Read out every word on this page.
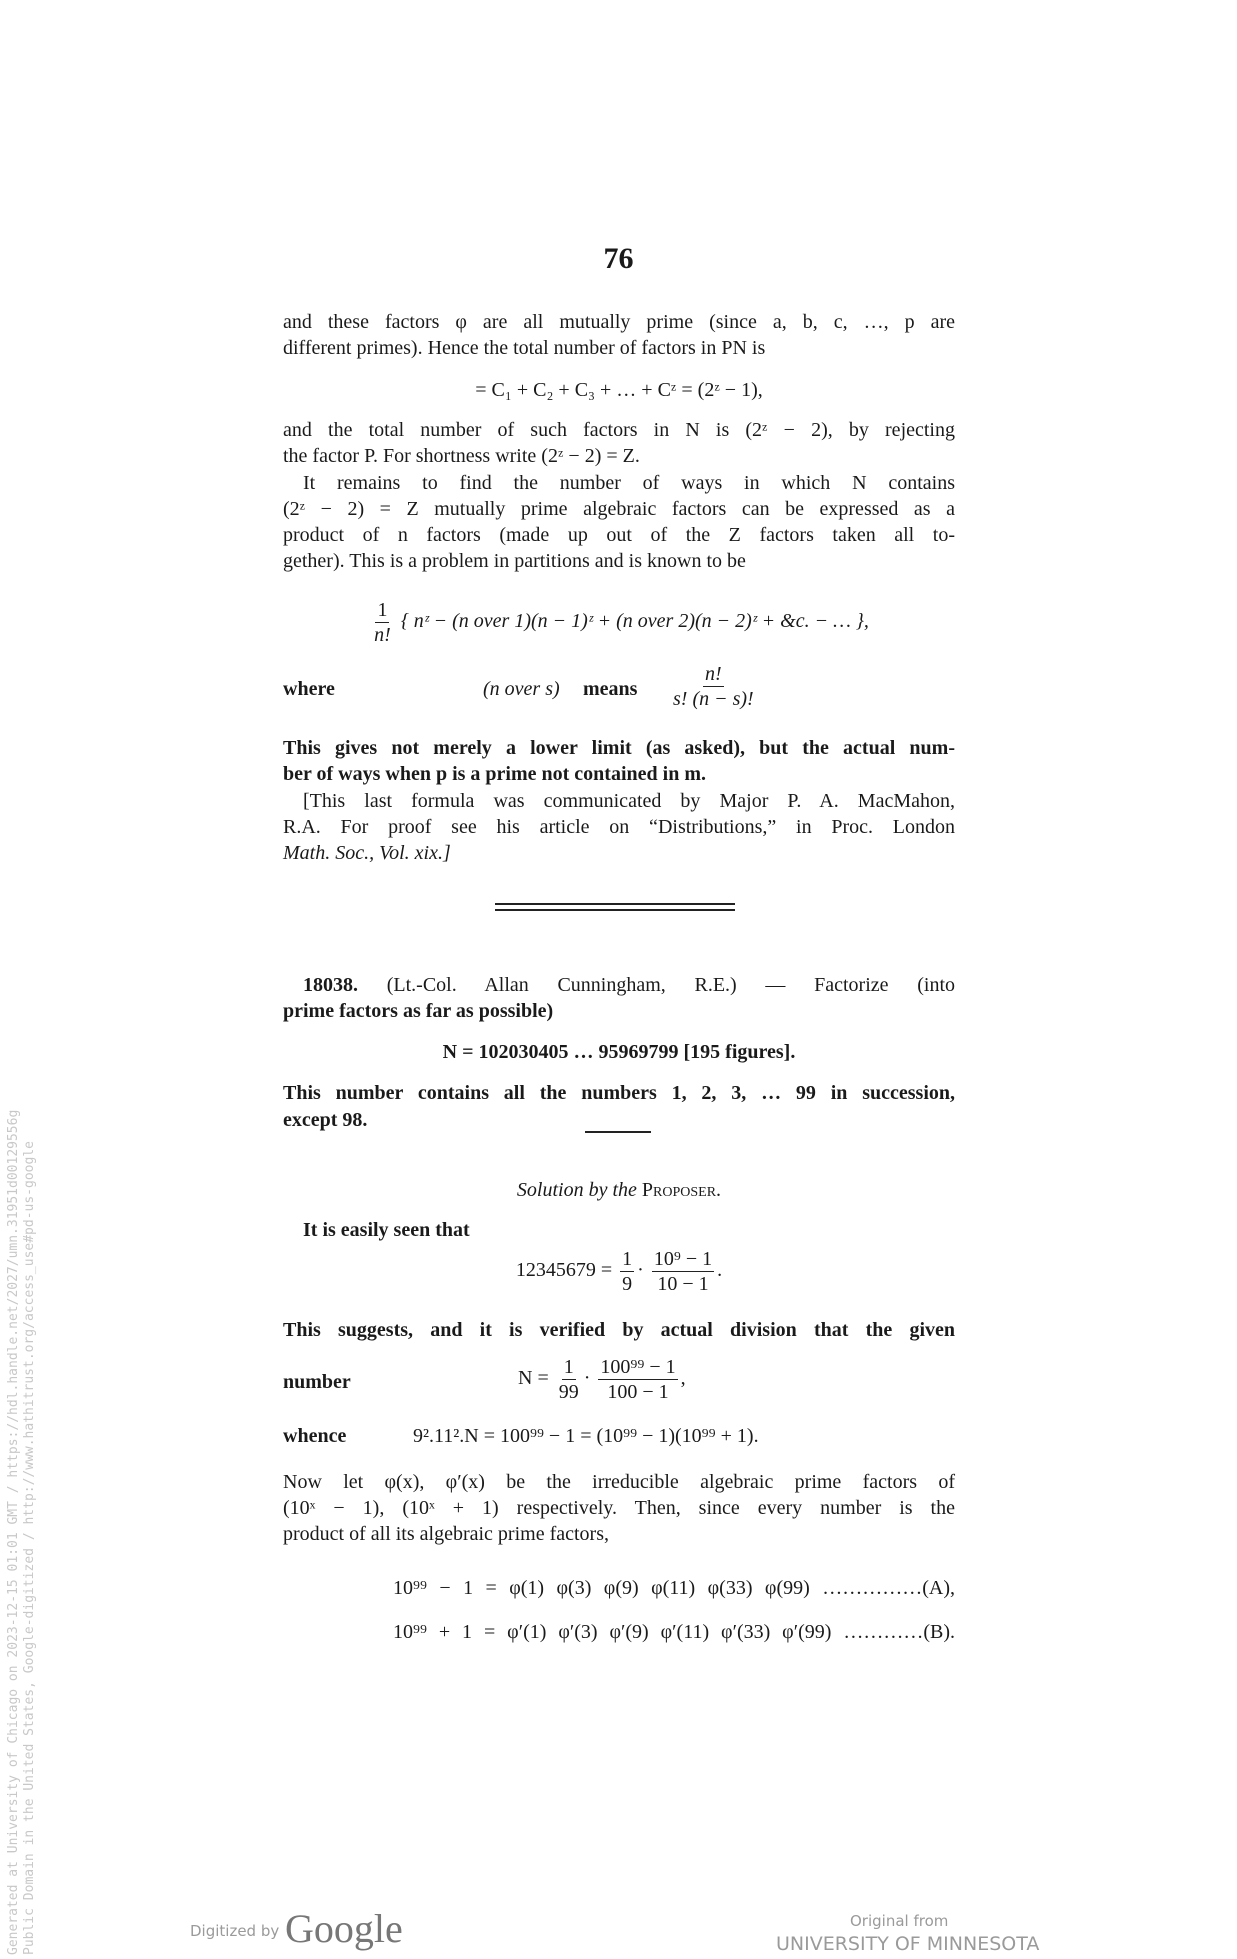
76
and these factors φ are all mutually prime (since a, b, c, …, p are
different primes). Hence the total number of factors in PN is
= C₁ + C₂ + C₃ + … + Cᶻ = (2ᶻ − 1),
and the total number of such factors in N is (2ᶻ − 2), by rejecting
the factor P. For shortness write (2ᶻ − 2) = Z.
It remains to find the number of ways in which N contains
(2ᶻ − 2) = Z mutually prime algebraic factors can be expressed as a
product of n factors (made up out of the Z factors taken all to-
gether). This is a problem in partitions and is known to be
$\frac{1}{n!}$ { nᶻ − (n over 1)(n − 1)ᶻ + (n over 2)(n − 2)ᶻ + &c. − … },
where	(n over s) means $\frac{n!}{s! (n - s)!}$
This gives not merely a lower limit (as asked), but the actual num-
ber of ways when p is a prime not contained in m.
[This last formula was communicated by Major P. A. MacMahon,
R.A. For proof see his article on “Distributions,” in Proc. London
Math. Soc., Vol. xix.]
18038. (Lt.-Col. Allan Cunningham, R.E.) — Factorize (into
prime factors as far as possible)
N = 102030405 … 95969799 [195 figures].
This number contains all the numbers 1, 2, 3, … 99 in succession,
except 98.
Solution by the Proposer.
It is easily seen that
$12345679 = \frac{1}{9} \cdot \frac{\text{10⁹ − 1}}{10 - 1}$ .
This suggests, and it is verified by actual division that the given
number	$N = \frac{1}{99} \cdot \frac{\text{100⁹⁹ − 1}}{100 - 1}$ ,
whence	9².11².N = 100⁹⁹ − 1 = (10⁹⁹ − 1)(10⁹⁹ + 1).
Now let φ(x), φ′(x) be the irreducible algebraic prime factors of
(10ˣ − 1), (10ˣ + 1) respectively. Then, since every number is the
product of all its algebraic prime factors,
10⁹⁹ − 1 = φ(1) φ(3) φ(9) φ(11) φ(33) φ(99) ……………(A),
10⁹⁹ + 1 = φ′(1) φ′(3) φ′(9) φ′(11) φ′(33) φ′(99) …………(B).
Generated at University of Chicago on 2023-12-15 01:01 GMT / https://hdl.handle.net/2027/umn.31951d00129556g Public Domain in the United States, Google-digitized / http://www.hathitrust.org/access_use#pd-us-google	Digitized by Google	Original from
UNIVERSITY OF MINNESOTA
